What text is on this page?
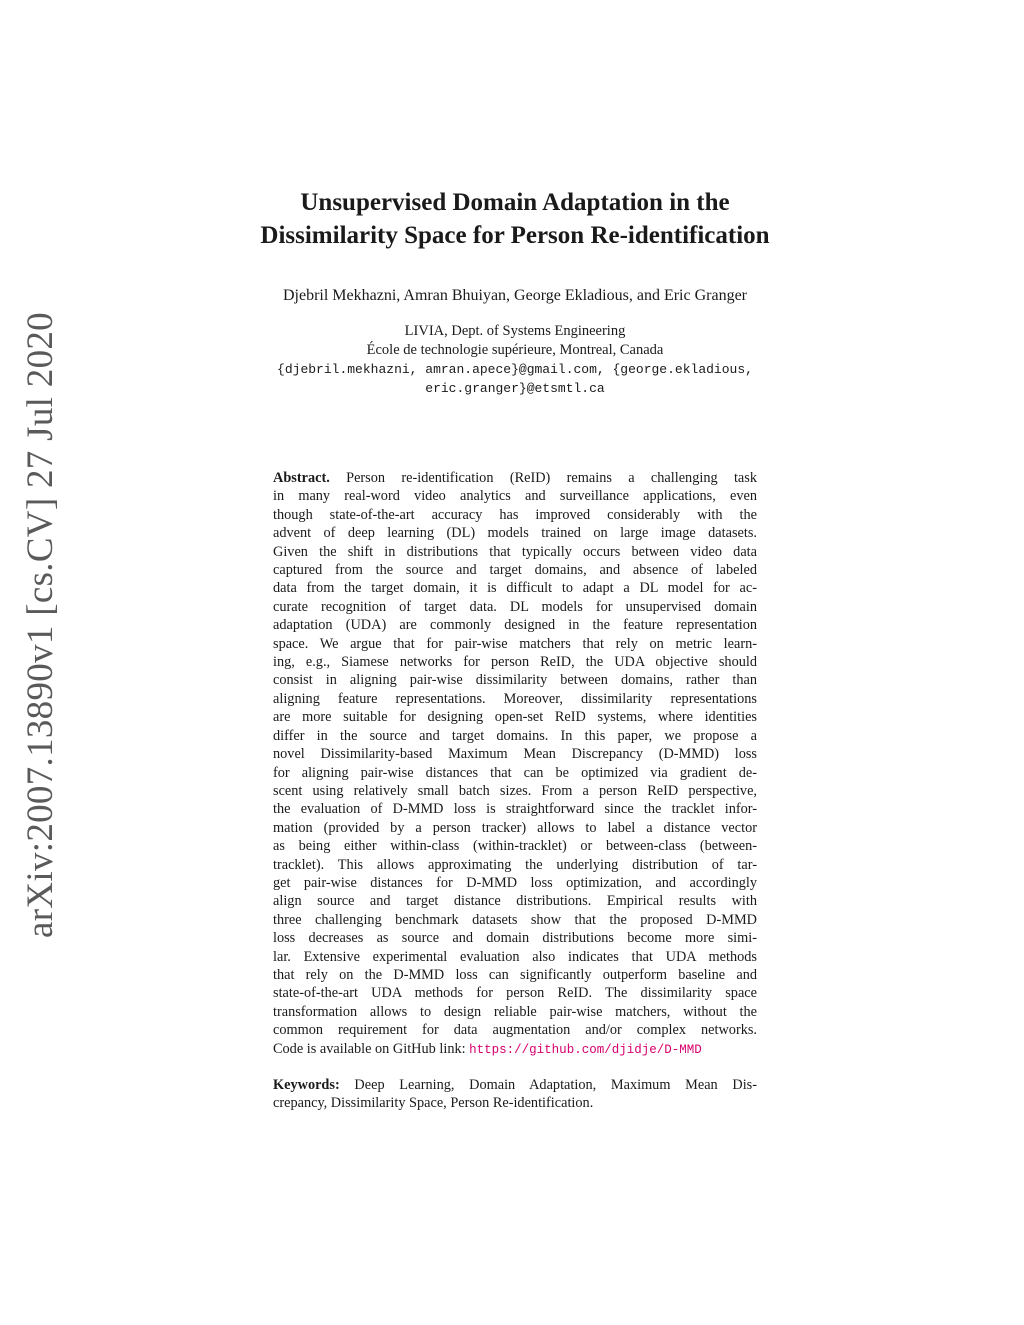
arXiv:2007.13890v1 [cs.CV] 27 Jul 2020
Unsupervised Domain Adaptation in the
Dissimilarity Space for Person Re-identification
Djebril Mekhazni, Amran Bhuiyan, George Ekladious, and Eric Granger
LIVIA, Dept. of Systems Engineering
École de technologie supérieure, Montreal, Canada
{djebril.mekhazni, amran.apece}@gmail.com, {george.ekladious,
eric.granger}@etsmtl.ca
Abstract. Person re-identification (ReID) remains a challenging task
in many real-word video analytics and surveillance applications, even
though state-of-the-art accuracy has improved considerably with the
advent of deep learning (DL) models trained on large image datasets.
Given the shift in distributions that typically occurs between video data
captured from the source and target domains, and absence of labeled
data from the target domain, it is difficult to adapt a DL model for ac-
curate recognition of target data. DL models for unsupervised domain
adaptation (UDA) are commonly designed in the feature representation
space. We argue that for pair-wise matchers that rely on metric learn-
ing, e.g., Siamese networks for person ReID, the UDA objective should
consist in aligning pair-wise dissimilarity between domains, rather than
aligning feature representations. Moreover, dissimilarity representations
are more suitable for designing open-set ReID systems, where identities
differ in the source and target domains. In this paper, we propose a
novel Dissimilarity-based Maximum Mean Discrepancy (D-MMD) loss
for aligning pair-wise distances that can be optimized via gradient de-
scent using relatively small batch sizes. From a person ReID perspective,
the evaluation of D-MMD loss is straightforward since the tracklet infor-
mation (provided by a person tracker) allows to label a distance vector
as being either within-class (within-tracklet) or between-class (between-
tracklet). This allows approximating the underlying distribution of tar-
get pair-wise distances for D-MMD loss optimization, and accordingly
align source and target distance distributions. Empirical results with
three challenging benchmark datasets show that the proposed D-MMD
loss decreases as source and domain distributions become more simi-
lar. Extensive experimental evaluation also indicates that UDA methods
that rely on the D-MMD loss can significantly outperform baseline and
state-of-the-art UDA methods for person ReID. The dissimilarity space
transformation allows to design reliable pair-wise matchers, without the
common requirement for data augmentation and/or complex networks.
Code is available on GitHub link: https://github.com/djidje/D-MMD
Keywords: Deep Learning, Domain Adaptation, Maximum Mean Dis-
crepancy, Dissimilarity Space, Person Re-identification.
